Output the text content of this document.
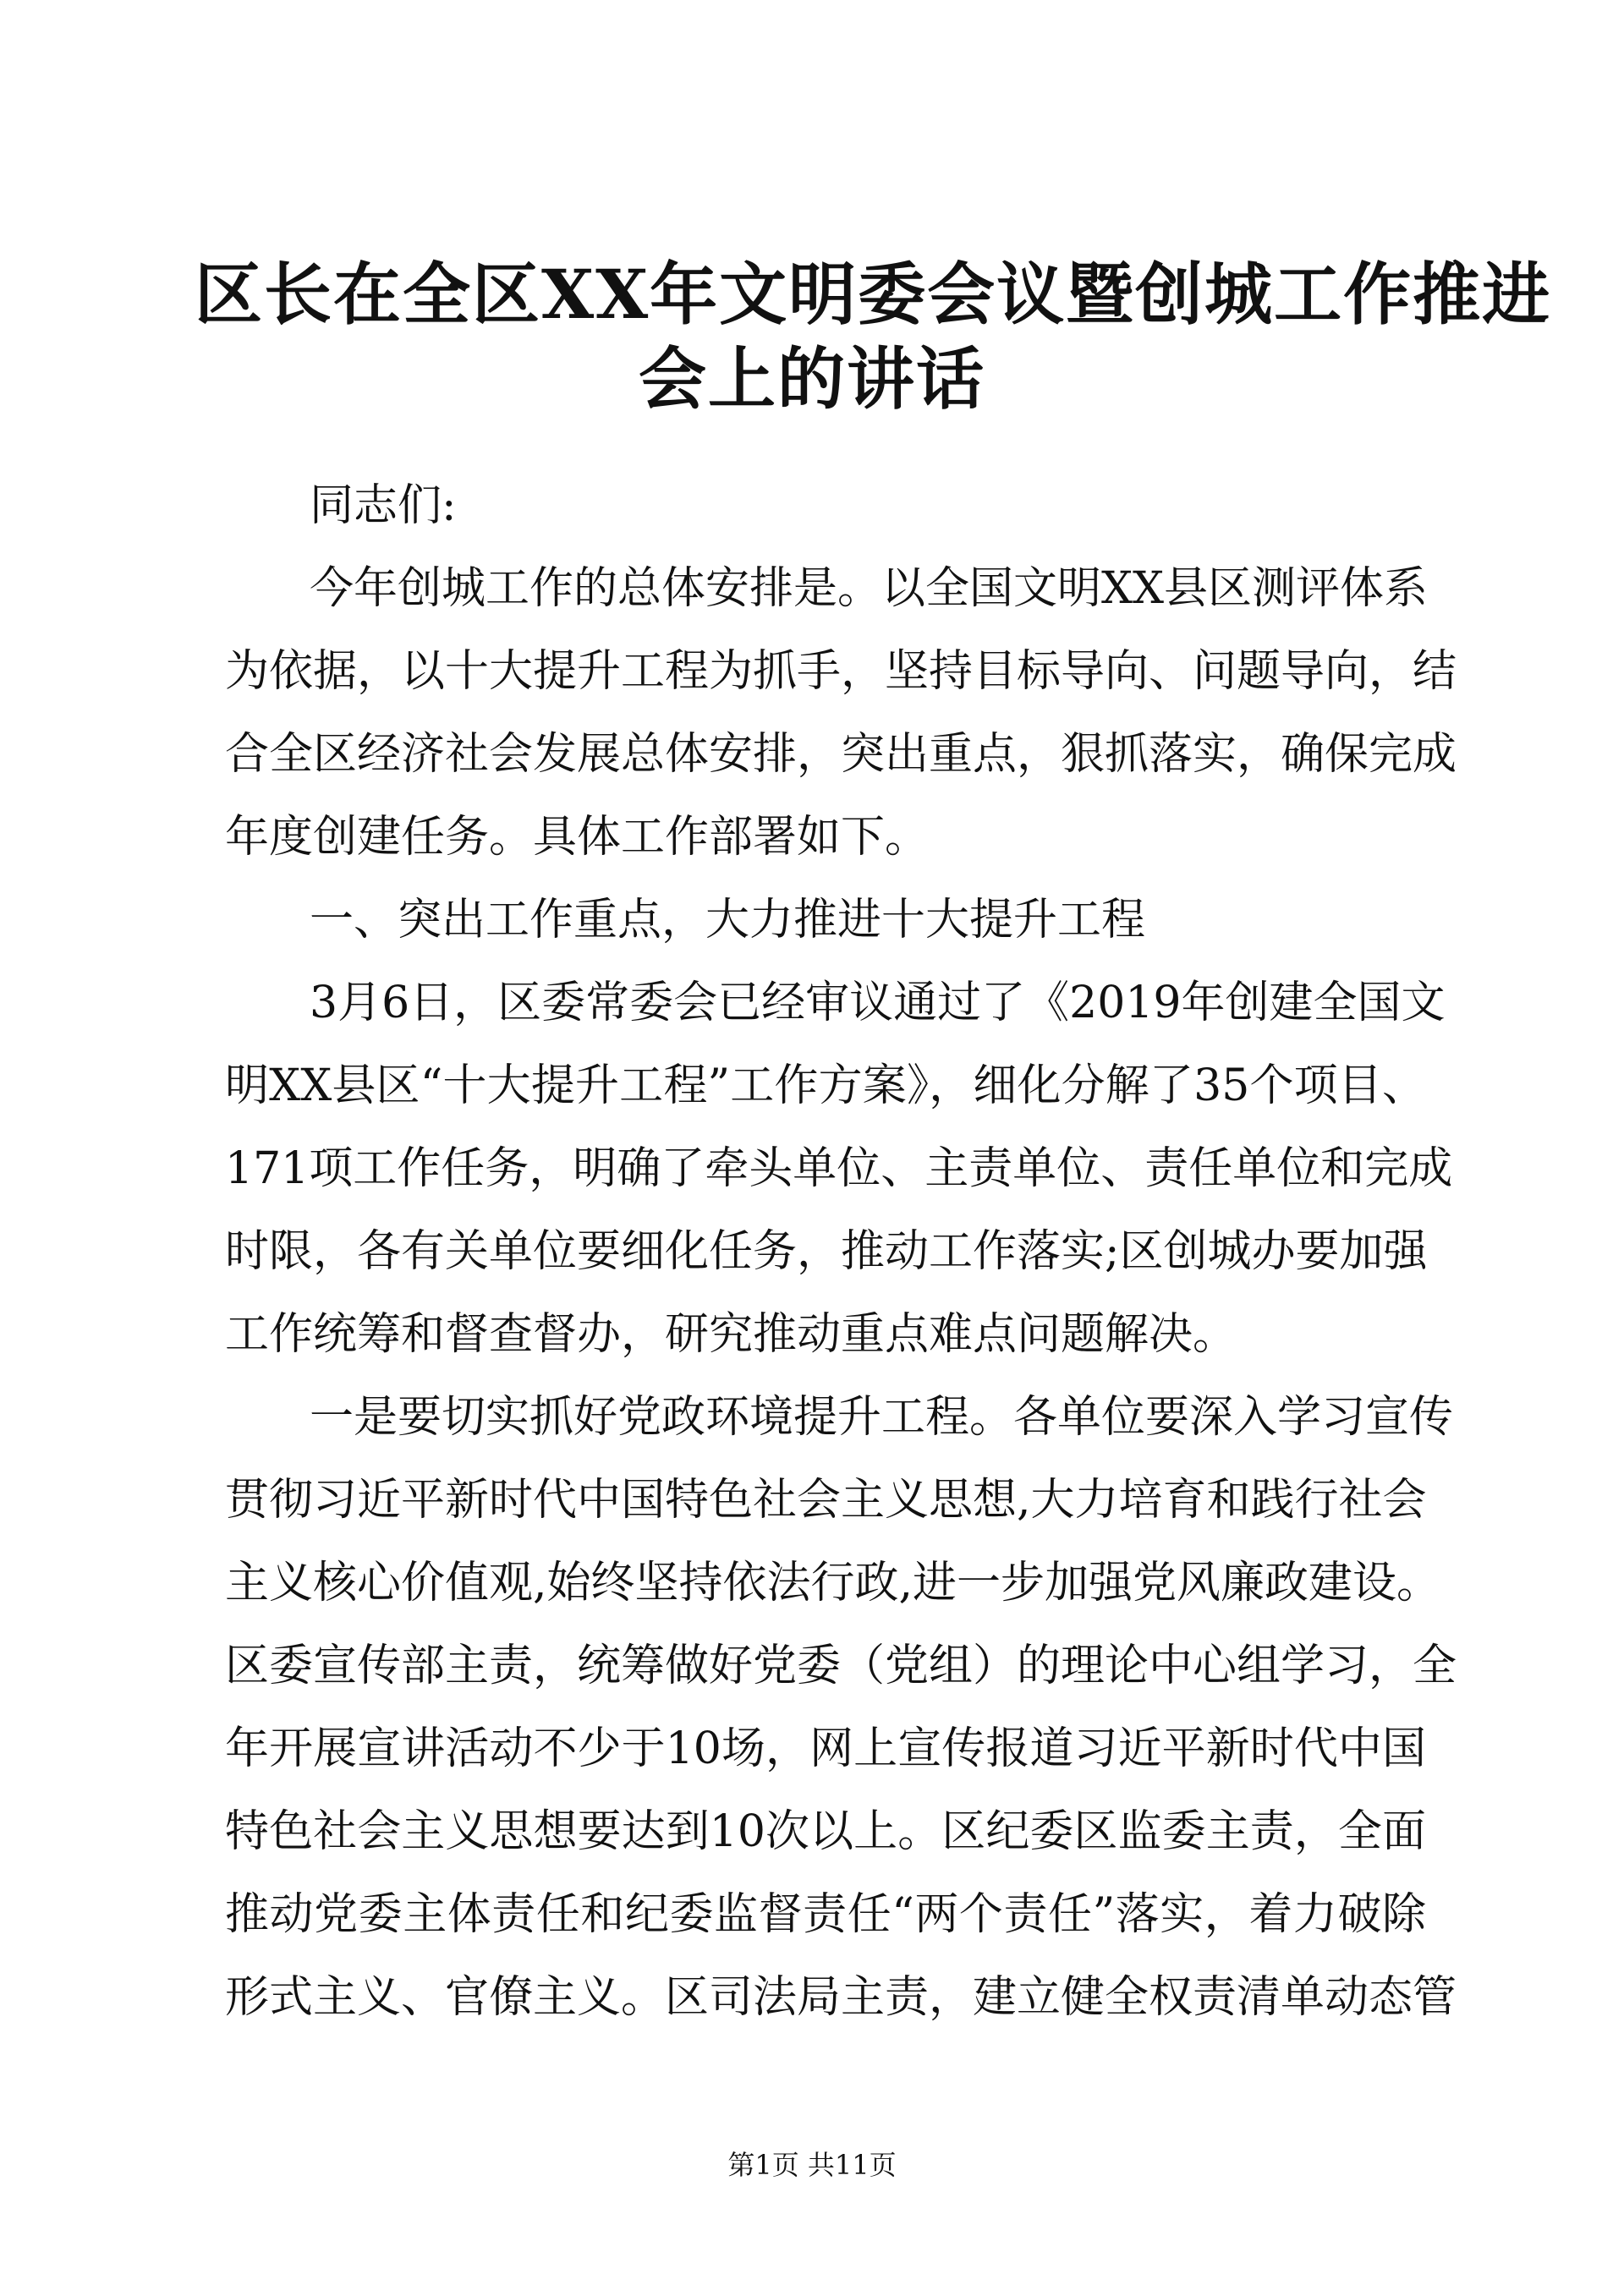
区长在全区XX年文明委会议暨创城工作推进
会上的讲话
同志们:
今年创城工作的总体安排是。以全国文明XX县区测评体系
为依据，以十大提升工程为抓手，坚持目标导向、问题导向，结
合全区经济社会发展总体安排，突出重点，狠抓落实，确保完成
年度创建任务。具体工作部署如下。
一、突出工作重点，大力推进十大提升工程
3月6日，区委常委会已经审议通过了《2019年创建全国文
明XX县区“十大提升工程”工作方案》，细化分解了35个项目、
171项工作任务，明确了牵头单位、主责单位、责任单位和完成
时限，各有关单位要细化任务，推动工作落实;区创城办要加强
工作统筹和督查督办，研究推动重点难点问题解决。
一是要切实抓好党政环境提升工程。各单位要深入学习宣传
贯彻习近平新时代中国特色社会主义思想,大力培育和践行社会
主义核心价值观,始终坚持依法行政,进一步加强党风廉政建设。
区委宣传部主责，统筹做好党委（党组）的理论中心组学习，全
年开展宣讲活动不少于10场，网上宣传报道习近平新时代中国
特色社会主义思想要达到10次以上。区纪委区监委主责，全面
推动党委主体责任和纪委监督责任“两个责任”落实，着力破除
形式主义、官僚主义。区司法局主责，建立健全权责清单动态管
第1页 共11页
